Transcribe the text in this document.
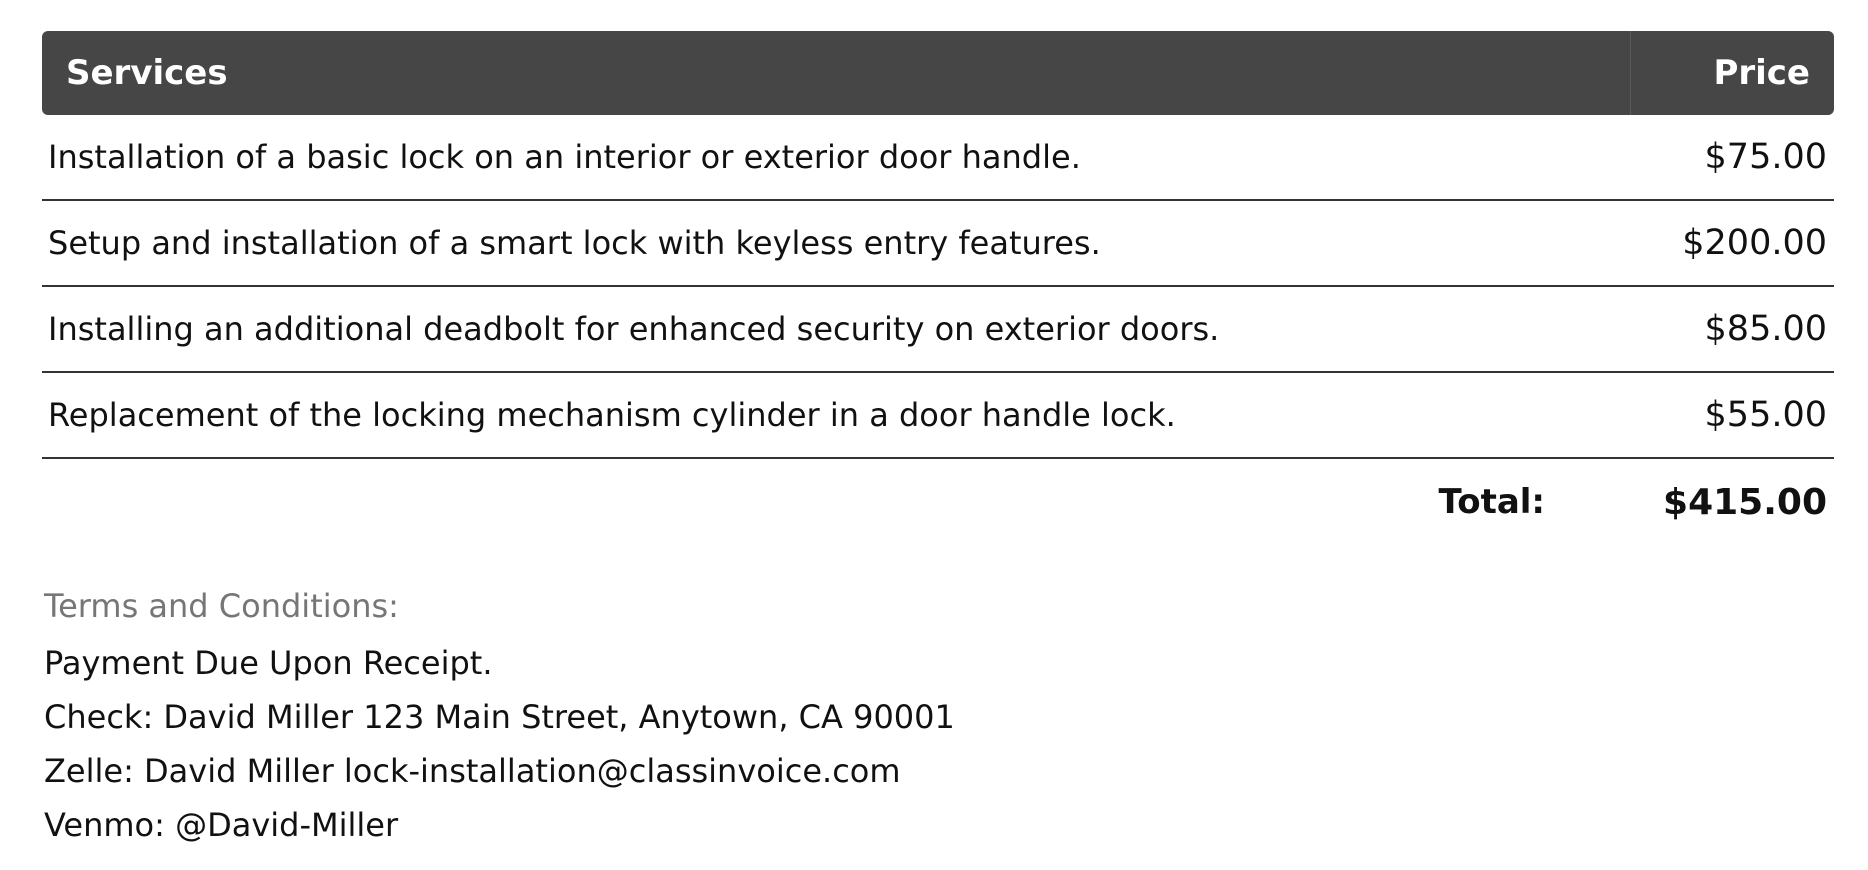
Services	Price
Installation of a basic lock on an interior or exterior door handle.	$75.00
Setup and installation of a smart lock with keyless entry features.	$200.00
Installing an additional deadbolt for enhanced security on exterior doors.	$85.00
Replacement of the locking mechanism cylinder in a door handle lock.	$55.00
Total:	$415.00
Terms and Conditions:
Payment Due Upon Receipt.
Check: David Miller 123 Main Street, Anytown, CA 90001
Zelle: David Miller lock-installation@classinvoice.com
Venmo: @David-Miller
